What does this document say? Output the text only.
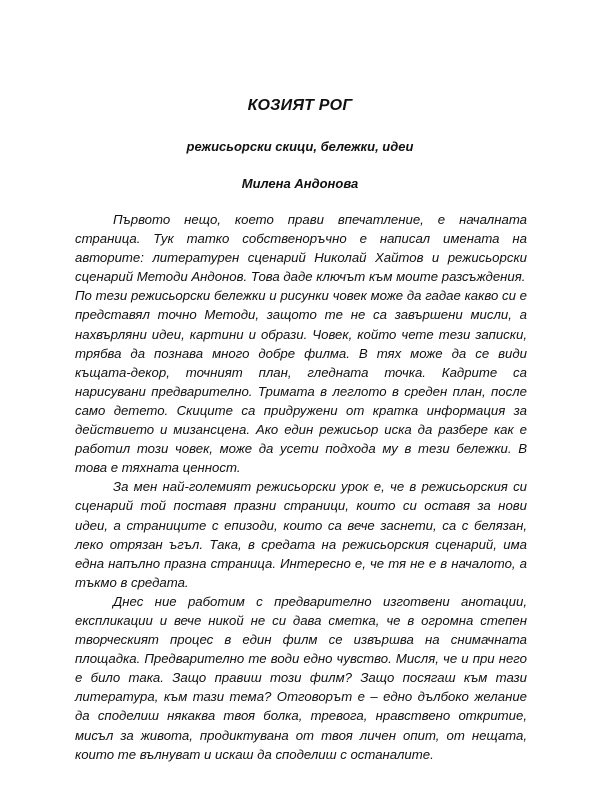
КОЗИЯТ РОГ
режисьорски скици, бележки, идеи
Милена Андонова

Първото нещо, което прави впечатление, е началната страница. Тук татко собственоръчно е написал имената на авторите: литературен сценарий Николай Хайтов и режисьорски сценарий Методи Андонов. Това даде ключът към моите разсъждения.

По тези режисьорски бележки и рисунки човек може да гадае какво си е представял точно Методи, защото те не са завършени мисли, а нахвърляни идеи, картини и образи. Човек, който чете тези записки, трябва да познава много добре филма. В тях може да се види къщата-декор, точният план, гледната точка. Кадрите са нарисувани предварително. Тримата в леглото в среден план, после само детето. Скиците са придружени от кратка информация за действието и мизансцена. Ако един режисьор иска да разбере как е работил този човек, може да усети подхода му в тези бележки. В това е тяхната ценност.

За мен най-големият режисьорски урок е, че в режисьорския си сценарий той поставя празни страници, които си оставя за нови идеи, а страниците с епизоди, които са вече заснети, са с белязан, леко отрязан ъгъл. Така, в средата на режисьорския сценарий, има една напълно празна страница. Интересно е, че тя не е в началото, а тъкмо в средата.

Днес ние работим с предварително изготвени анотации, експликации и вече никой не си дава сметка, че в огромна степен творческият процес в един филм се извършва на снимачната площадка. Предварително те води едно чувство. Мисля, че и при него е било така. Защо правиш този филм? Защо посягаш към тази литература, към тази тема? Отговорът е – едно дълбоко желание да споделиш някаква твоя болка, тревога, нравствено откритие, мисъл за живота, продиктувана от твоя личен опит, от нещата, които те вълнуват и искаш да споделиш с останалите.
